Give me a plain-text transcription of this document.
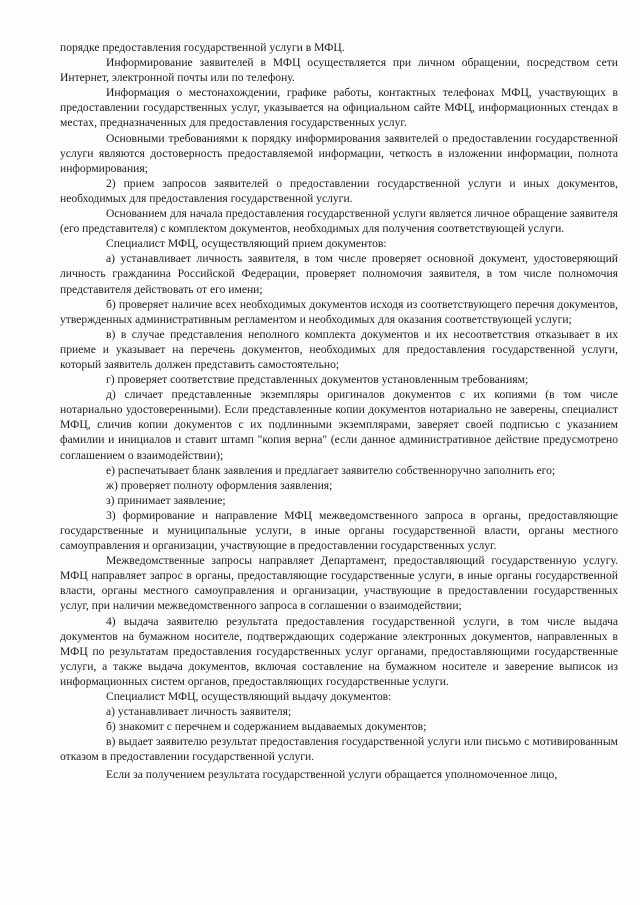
порядке предоставления государственной услуги в МФЦ.

Информирование заявителей в МФЦ осуществляется при личном обращении, посредством сети Интернет, электронной почты или по телефону.

Информация о местонахождении, графике работы, контактных телефонах МФЦ, участвующих в предоставлении государственных услуг, указывается на официальном сайте МФЦ, информационных стендах в местах, предназначенных для предоставления государственных услуг.

Основными требованиями к порядку информирования заявителей о предоставлении государственной услуги являются достоверность предоставляемой информации, четкость в изложении информации, полнота информирования;

2) прием запросов заявителей о предоставлении государственной услуги и иных документов, необходимых для предоставления государственной услуги.

Основанием для начала предоставления государственной услуги является личное обращение заявителя (его представителя) с комплектом документов, необходимых для получения соответствующей услуги.

Специалист МФЦ, осуществляющий прием документов:

а) устанавливает личность заявителя, в том числе проверяет основной документ, удостоверяющий личность гражданина Российской Федерации, проверяет полномочия заявителя, в том числе полномочия представителя действовать от его имени;

б) проверяет наличие всех необходимых документов исходя из соответствующего перечня документов, утвержденных административным регламентом и необходимых для оказания соответствующей услуги;

в) в случае представления неполного комплекта документов и их несоответствия отказывает в их приеме и указывает на перечень документов, необходимых для предоставления государственной услуги, который заявитель должен представить самостоятельно;

г) проверяет соответствие представленных документов установленным требованиям;

д) сличает представленные экземпляры оригиналов документов с их копиями (в том числе нотариально удостоверенными). Если представленные копии документов нотариально не заверены, специалист МФЦ, сличив копии документов с их подлинными экземплярами, заверяет своей подписью с указанием фамилии и инициалов и ставит штамп "копия верна" (если данное административное действие предусмотрено соглашением о взаимодействии);

е) распечатывает бланк заявления и предлагает заявителю собственноручно заполнить его;

ж) проверяет полноту оформления заявления;

з) принимает заявление;

3) формирование и направление МФЦ межведомственного запроса в органы, предоставляющие государственные и муниципальные услуги, в иные органы государственной власти, органы местного самоуправления и организации, участвующие в предоставлении государственных услуг.

Межведомственные запросы направляет Департамент, предоставляющий государственную услугу. МФЦ направляет запрос в органы, предоставляющие государственные услуги, в иные органы государственной власти, органы местного самоуправления и организации, участвующие в предоставлении государственных услуг, при наличии межведомственного запроса в соглашении о взаимодействии;

4) выдача заявителю результата предоставления государственной услуги, в том числе выдача документов на бумажном носителе, подтверждающих содержание электронных документов, направленных в МФЦ по результатам предоставления государственных услуг органами, предоставляющими государственные услуги, а также выдача документов, включая составление на бумажном носителе и заверение выписок из информационных систем органов, предоставляющих государственные услуги.

Специалист МФЦ, осуществляющий выдачу документов:

а) устанавливает личность заявителя;

б) знакомит с перечнем и содержанием выдаваемых документов;

в) выдает заявителю результат предоставления государственной услуги или письмо с мотивированным отказом в предоставлении государственной услуги.

Если за получением результата государственной услуги обращается уполномоченное лицо,
